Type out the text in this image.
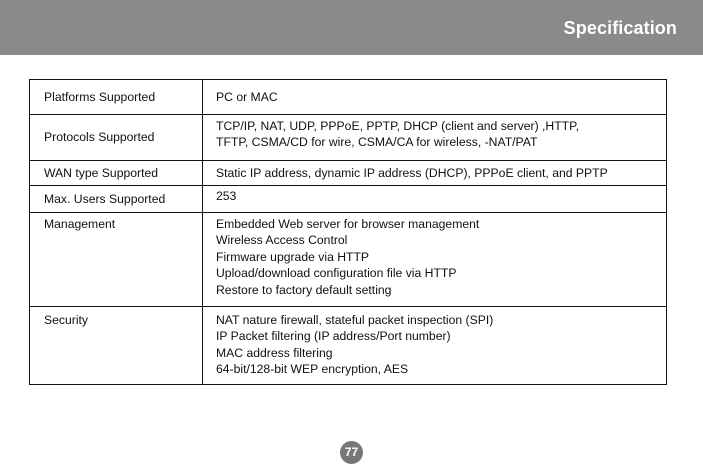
Specification
Platforms Supported	PC or MAC

Protocols Supported	TCP/IP, NAT, UDP, PPPoE, PPTP, DHCP (client and server) ,HTTP,
TFTP, CSMA/CD for wire, CSMA/CA for wireless, -NAT/PAT

WAN type Supported	Static IP address, dynamic IP address (DHCP), PPPoE client, and PPTP

Max. Users Supported	253

Management	Embedded Web server for browser management
Wireless Access Control
Firmware upgrade via HTTP
Upload/download configuration file via HTTP
Restore to factory default setting

Security	NAT nature firewall, stateful packet inspection (SPI)
IP Packet filtering (IP address/Port number)
MAC address filtering
64-bit/128-bit WEP encryption, AES
77
